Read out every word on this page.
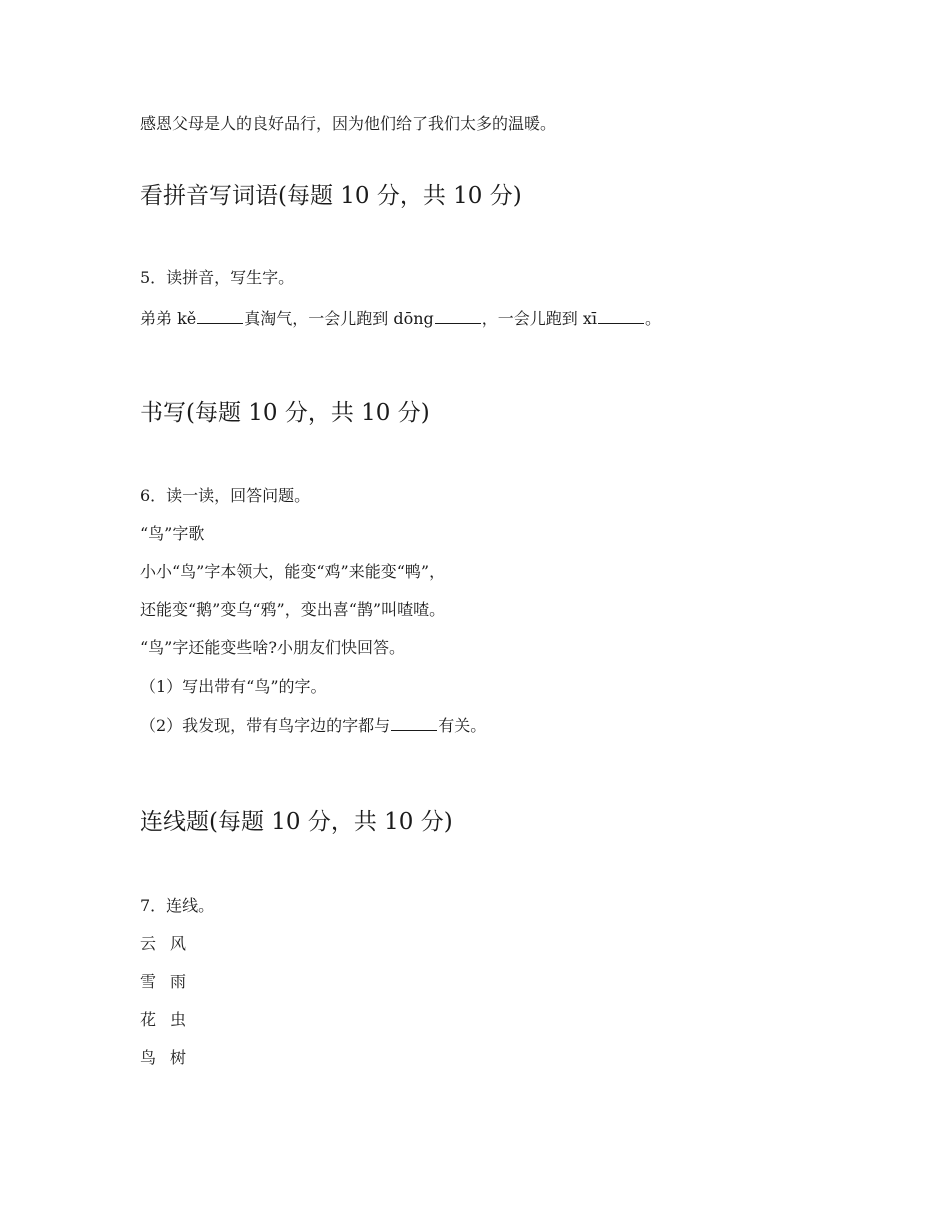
感恩父母是人的良好品行，因为他们给了我们太多的温暖。
看拼音写词语(每题 10 分，共 10 分)
5．读拼音，写生字。
弟弟 kě	真淘气，一会儿跑到 dōng	，一会儿跑到 xī	。
书写(每题 10 分，共 10 分)
6．读一读，回答问题。
“鸟”字歌
小小“鸟”字本领大，能变“鸡”来能变“鸭”，
还能变“鹅”变乌“鸦”，变出喜“鹊”叫喳喳。
“鸟”字还能变些啥?小朋友们快回答。
（1）写出带有“鸟”的字。
（2）我发现，带有鸟字边的字都与	有关。
连线题(每题 10 分，共 10 分)
7．连线。
云 风
雪 雨
花 虫
鸟 树
